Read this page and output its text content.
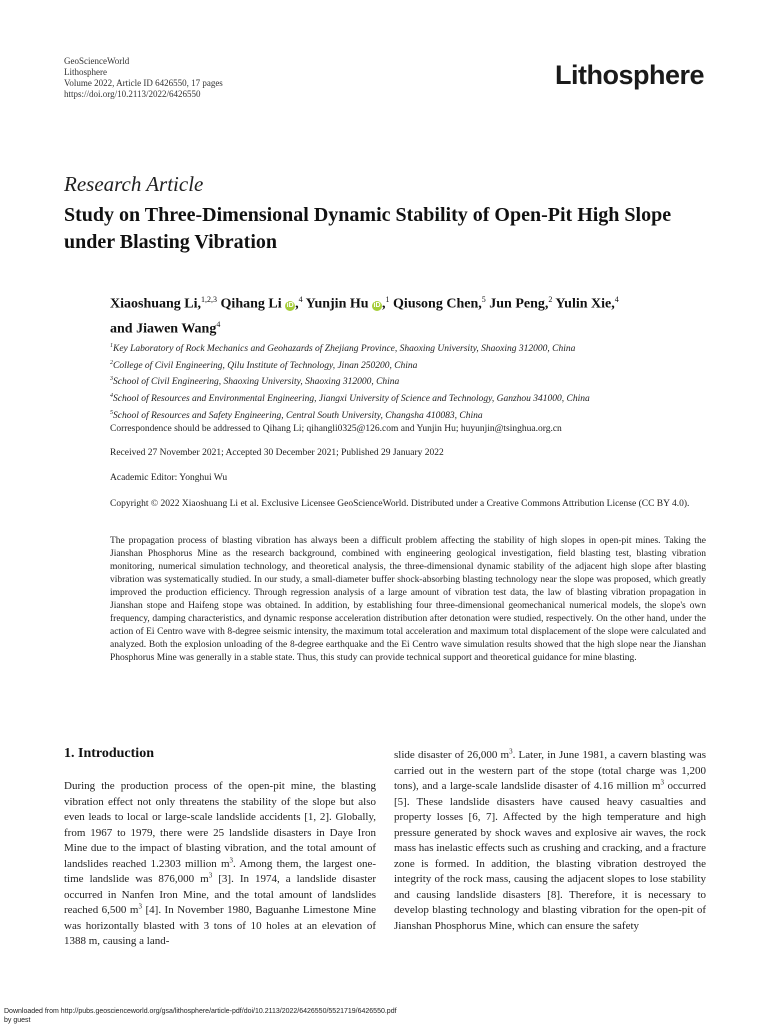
GeoScienceWorld
Lithosphere
Volume 2022, Article ID 6426550, 17 pages
https://doi.org/10.2113/2022/6426550
Lithosphere
Research Article
Study on Three-Dimensional Dynamic Stability of Open-Pit High Slope under Blasting Vibration
Xiaoshuang Li,$^{1,2,3}$ Qihang Li iD ,$^4$ Yunjin Hu iD ,$^1$ Qiusong Chen,$^5$ Jun Peng,$^2$ Yulin Xie,$^4$
and Jiawen Wang$^4$
$^1$Key Laboratory of Rock Mechanics and Geohazards of Zhejiang Province, Shaoxing University, Shaoxing 312000, China
$^2$College of Civil Engineering, Qilu Institute of Technology, Jinan 250200, China
$^3$School of Civil Engineering, Shaoxing University, Shaoxing 312000, China
$^4$School of Resources and Environmental Engineering, Jiangxi University of Science and Technology, Ganzhou 341000, China
$^5$School of Resources and Safety Engineering, Central South University, Changsha 410083, China
Correspondence should be addressed to Qihang Li; qihangli0325@126.com and Yunjin Hu; huyunjin@tsinghua.org.cn
Received 27 November 2021; Accepted 30 December 2021; Published 29 January 2022
Academic Editor: Yonghui Wu
Copyright © 2022 Xiaoshuang Li et al. Exclusive Licensee GeoScienceWorld. Distributed under a Creative Commons Attribution License (CC BY 4.0).
The propagation process of blasting vibration has always been a difficult problem affecting the stability of high slopes in open-pit mines. Taking the Jianshan Phosphorus Mine as the research background, combined with engineering geological investigation, field blasting test, blasting vibration monitoring, numerical simulation technology, and theoretical analysis, the three-dimensional dynamic stability of the adjacent high slope after blasting vibration was systematically studied. In our study, a small-diameter buffer shock-absorbing blasting technology near the slope was proposed, which greatly improved the production efficiency. Through regression analysis of a large amount of vibration test data, the law of blasting vibration propagation in Jianshan stope and Haifeng stope was obtained. In addition, by establishing four three-dimensional geomechanical numerical models, the slope's own frequency, damping characteristics, and dynamic response acceleration distribution after detonation were studied, respectively. On the other hand, under the action of Ei Centro wave with 8-degree seismic intensity, the maximum total acceleration and maximum total displacement of the slope were calculated and analyzed. Both the explosion unloading of the 8-degree earthquake and the Ei Centro wave simulation results showed that the high slope near the Jianshan Phosphorus Mine was generally in a stable state. Thus, this study can provide technical support and theoretical guidance for mine blasting.
1. Introduction
During the production process of the open-pit mine, the blasting vibration effect not only threatens the stability of the slope but also even leads to local or large-scale landslide accidents [1, 2]. Globally, from 1967 to 1979, there were 25 landslide disasters in Daye Iron Mine due to the impact of blasting vibration, and the total amount of landslides reached 1.2303 million $m^3$. Among them, the largest one-time landslide was 876,000 $m^3$ [3]. In 1974, a landslide disaster occurred in Nanfen Iron Mine, and the total amount of landslides reached 6,500 $m^3$ [4]. In November 1980, Baguanhe Limestone Mine was horizontally blasted with 3 tons of 10 holes at an elevation of 1388 m, causing a land-
slide disaster of 26,000 $m^3$. Later, in June 1981, a cavern blasting was carried out in the western part of the stope (total charge was 1,200 tons), and a large-scale landslide disaster of 4.16 million $m^3$ occurred [5]. These landslide disasters have caused heavy casualties and property losses [6, 7]. Affected by the high temperature and high pressure generated by shock waves and explosive air waves, the rock mass has inelastic effects such as crushing and cracking, and a fracture zone is formed. In addition, the blasting vibration destroyed the integrity of the rock mass, causing the adjacent slopes to lose stability and causing landslide disasters [8]. Therefore, it is necessary to develop blasting technology and blasting vibration for the open-pit of Jianshan Phosphorus Mine, which can ensure the safety
Downloaded from http://pubs.geoscienceworld.org/gsa/lithosphere/article-pdf/doi/10.2113/2022/6426550/5521719/6426550.pdf
by guest
